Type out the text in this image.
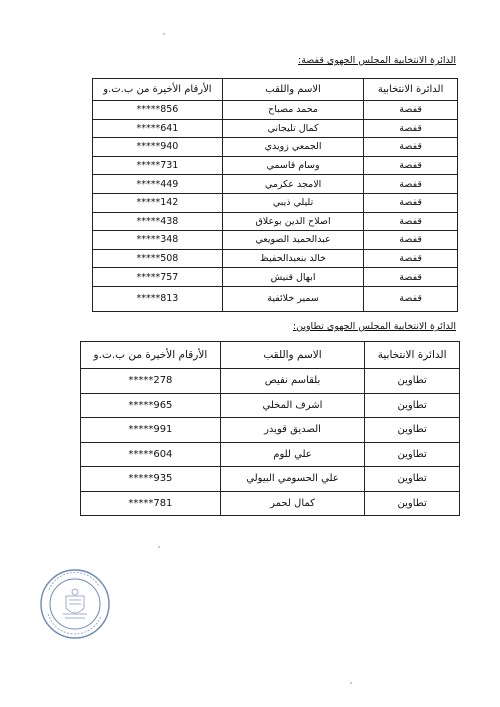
الدائرة الانتخابية المجلس الجهوي قفصة:
الدائرة الانتخابية	الاسم واللقب	الأرقام الأخيرة من ب.ت.و
قفصة	محمد مصباح	*****856
قفصة	كمال تليجاني	*****641
قفصة	الجمعي زويدي	*****940
قفصة	وسام قاسمي	*****731
قفصة	الامجد عكرمي	*****449
قفصة	تليلي ذيبي	*****142
قفصة	اصلاح الدين بوعلاق	*****438
قفصة	عبدالحميد الصويعي	*****348
قفصة	خالد بنعبدالحفيظ	*****508
قفصة	ابهال قنيش	*****757
قفصة	سمير خلائفية	*****813
الدائرة الانتخابية المجلس الجهوي تطاوين:
الدائرة الانتخابية	الاسم واللقب	الأرقام الأخيرة من ب.ت.و
تطاوين	بلقاسم نفيص	*****278
تطاوين	اشرف المخلي	*****965
تطاوين	الصديق قويدر	*****991
تطاوين	علي للوم	*****604
تطاوين	علي الحسومي البيولي	*****935
تطاوين	كمال لحمر	*****781
